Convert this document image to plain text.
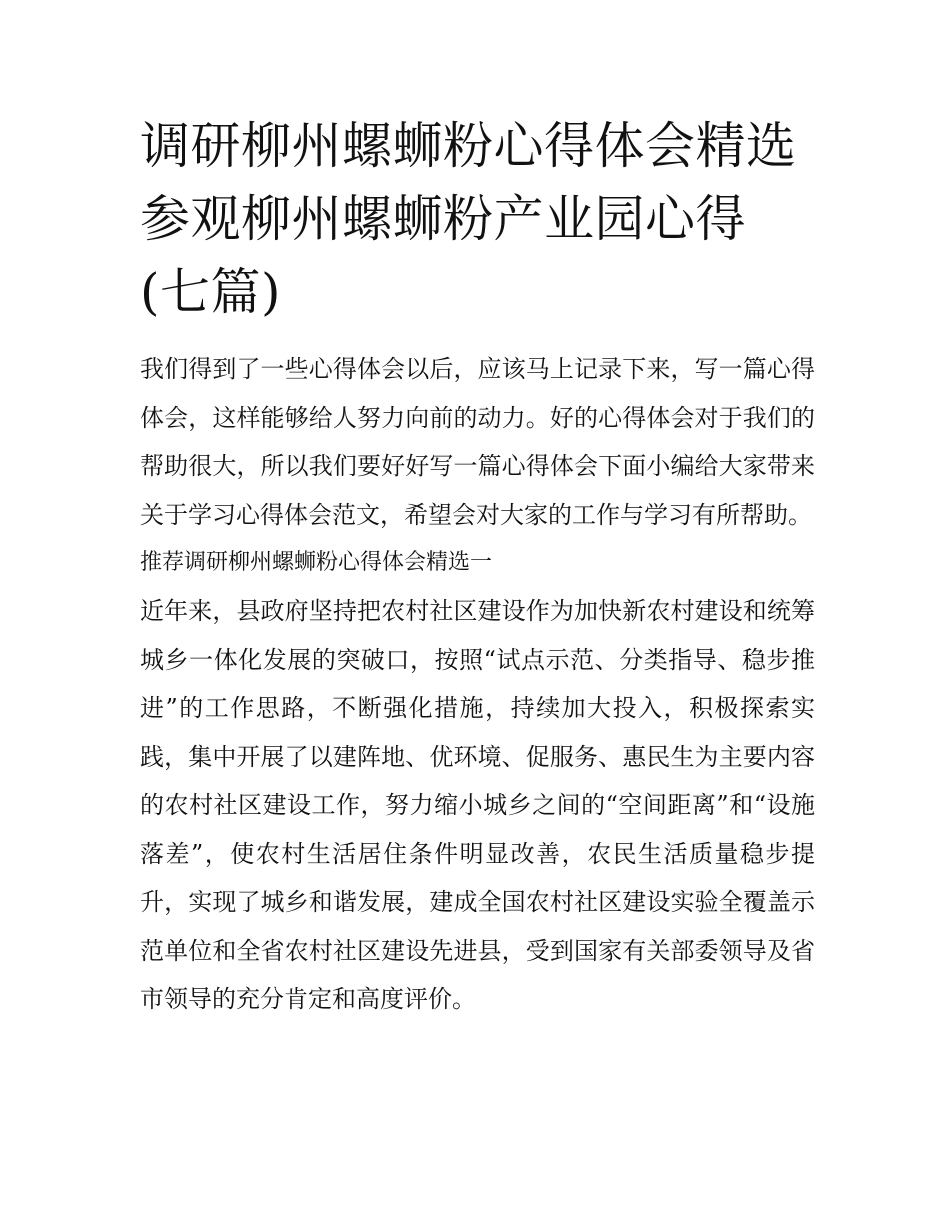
调研柳州螺蛳粉心得体会精选参观柳州螺蛳粉产业园心得(七篇)

我们得到了一些心得体会以后，应该马上记录下来，写一篇心得体会，这样能够给人努力向前的动力。好的心得体会对于我们的帮助很大，所以我们要好好写一篇心得体会下面小编给大家带来关于学习心得体会范文，希望会对大家的工作与学习有所帮助。

推荐调研柳州螺蛳粉心得体会精选一

近年来，县政府坚持把农村社区建设作为加快新农村建设和统筹城乡一体化发展的突破口，按照“试点示范、分类指导、稳步推进”的工作思路，不断强化措施，持续加大投入，积极探索实践，集中开展了以建阵地、优环境、促服务、惠民生为主要内容的农村社区建设工作，努力缩小城乡之间的“空间距离”和“设施落差”，使农村生活居住条件明显改善，农民生活质量稳步提升，实现了城乡和谐发展，建成全国农村社区建设实验全覆盖示范单位和全省农村社区建设先进县，受到国家有关部委领导及省市领导的充分肯定和高度评价。
